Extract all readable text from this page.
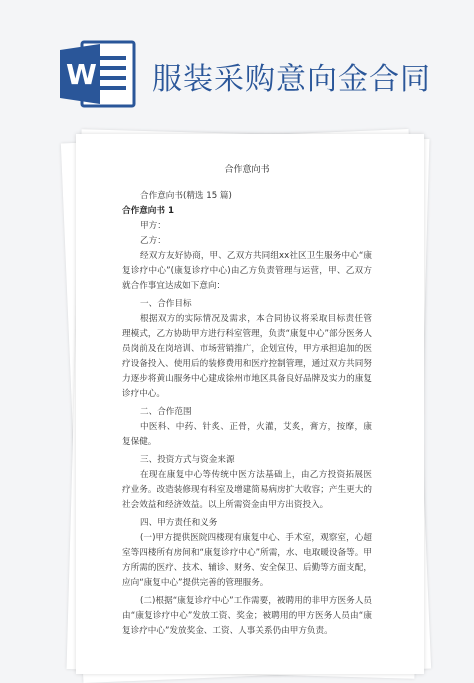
W 服装采购意向金合同
合作意向书

合作意向书(精选 15 篇)

合作意向书 1

甲方：

乙方：

经双方友好协商，甲、乙双方共同组xx社区卫生服务中心“康复诊疗中心”(康复诊疗中心)由乙方负责管理与运营，甲、乙双方就合作事宜达成如下意向：

一、合作目标

根据双方的实际情况及需求，本合同协议将采取目标责任管理模式，乙方协助甲方进行科室管理，负责“康复中心”部分医务人员岗前及在岗培训、市场营销推广，企划宣传，甲方承担追加的医疗设备投入、使用后的装修费用和医疗控制管理，通过双方共同努力逐步将黄山服务中心建成徐州市地区具备良好品牌及实力的康复诊疗中心。

二、合作范围

中医科、中药、针炙、正骨，火灌，艾炙，膏方，按摩，康复保健。

三、投资方式与资金来源

在现在康复中心等传统中医方法基础上，由乙方投资拓展医疗业务。改造装修现有科室及增建简易病房扩大收容；产生更大的社会效益和经济效益。以上所需资金由甲方出资投入。

四、甲方责任和义务

(一)甲方提供医院四楼现有康复中心、手术室，观察室，心超室等四楼所有房间和“康复诊疗中心”所需，水、电取暖设备等。甲方所需的医疗、技术、辅诊、财务、安全保卫、后勤等方面支配，应向“康复中心”提供完善的管理服务。

(二)根据“康复诊疗中心”工作需要，被聘用的非甲方医务人员由“康复诊疗中心”发放工资、奖金；被聘用的甲方医务人员由“康复诊疗中心”发放奖金、工资、人事关系仍由甲方负责。
